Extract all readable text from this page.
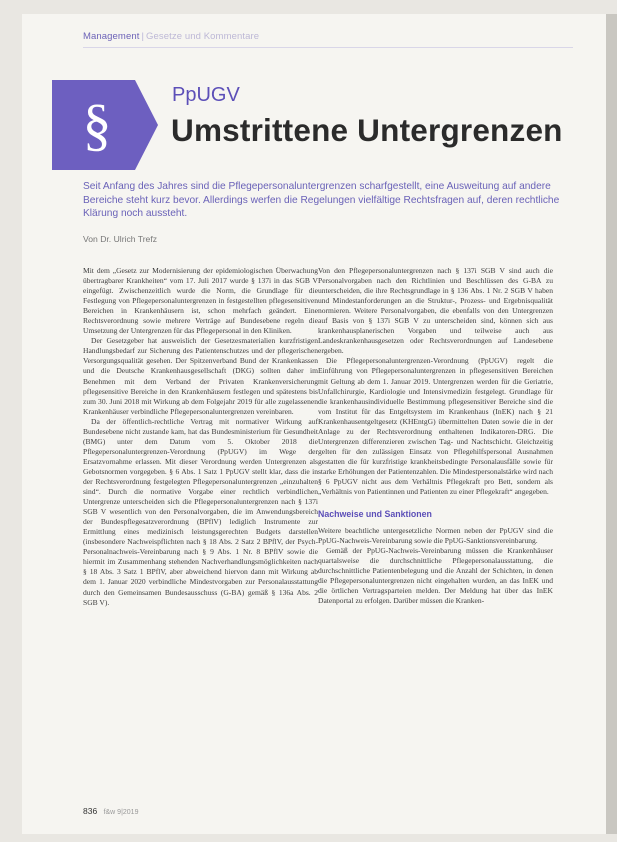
Management | Gesetze und Kommentare
§	PpUGV
Umstrittene Untergrenzen

Seit Anfang des Jahres sind die Pflegepersonaluntergrenzen scharfgestellt, eine Ausweitung auf andere Bereiche steht kurz bevor. Allerdings werfen die Regelungen vielfältige Rechtsfragen auf, deren rechtliche Klärung noch aussteht.

Von Dr. Ulrich Trefz

Mit dem „Gesetz zur Modernisierung der epidemiologischen Überwachung übertragbarer Krankheiten“ vom 17. Juli 2017 wurde § 137i in das SGB V eingefügt. Zwischenzeitlich wurde die Norm, die Grundlage für die Festlegung von Pflegepersonaluntergrenzen in festgestellten pflegesensitiven Bereichen in Krankenhäusern ist, schon mehrfach geändert. Eine Rechtsverordnung sowie mehrere Verträge auf Bundesebene regeln die Umsetzung der Untergrenzen für das Pflegepersonal in den Kliniken.

Der Gesetzgeber hat ausweislich der Gesetzesmaterialien kurzfristigen Handlungsbedarf zur Sicherung des Patientenschutzes und der pflegerischen Versorgungsqualität gesehen. Der Spitzenverband Bund der Krankenkassen und die Deutsche Krankenhausgesellschaft (DKG) sollten daher im Benehmen mit dem Verband der Privaten Krankenversicherung pflegesensitive Bereiche in den Krankenhäusern festlegen und spätestens bis zum 30. Juni 2018 mit Wirkung ab dem Folgejahr 2019 für alle zugelassenen Krankenhäuser verbindliche Pflegepersonaluntergrenzen vereinbaren.

Da der öffentlich-rechtliche Vertrag mit normativer Wirkung auf Bundesebene nicht zustande kam, hat das Bundesministerium für Gesundheit (BMG) unter dem Datum vom 5. Oktober 2018 die Pflegepersonaluntergrenzen-Verordnung (PpUGV) im Wege der Ersatzvornahme erlassen. Mit dieser Verordnung werden Untergrenzen als Gebotsnormen vorgegeben. § 6 Abs. 1 Satz 1 PpUGV stellt klar, dass die in der Rechtsverordnung festgelegten Pflegepersonaluntergrenzen „einzuhalten sind“. Durch die normative Vorgabe einer rechtlich verbindlichen Untergrenze unterscheiden sich die Pflegepersonaluntergrenzen nach § 137i SGB V wesentlich von den Personalvorgaben, die im Anwendungsbereich der Bundespflegesatzverordnung (BPflV) lediglich Instrumente zur Ermittlung eines medizinisch leistungsgerechten Budgets darstellen (insbesondere Nachweispflichten nach § 18 Abs. 2 Satz 2 BPflV, der Psych-Personalnachweis-Vereinbarung nach § 9 Abs. 1 Nr. 8 BPflV sowie die hiermit im Zusammenhang stehenden Nachverhandlungsmöglichkeiten nach § 18 Abs. 3 Satz 1 BPflV, aber abweichend hiervon dann mit Wirkung ab dem 1. Januar 2020 verbindliche Mindestvorgaben zur Personalausstattung durch den Gemeinsamen Bundesausschuss (G-BA) gemäß § 136a Abs. 2 SGB V).

Von den Pflegepersonaluntergrenzen nach § 137i SGB V sind auch die Personalvorgaben nach den Richtlinien und Beschlüssen des G-BA zu unterscheiden, die ihre Rechtsgrundlage in § 136 Abs. 1 Nr. 2 SGB V haben und Mindestanforderungen an die Struktur-, Prozess- und Ergebnisqualität normieren. Weitere Personalvorgaben, die ebenfalls von den Untergrenzen auf Basis von § 137i SGB V zu unterscheiden sind, können sich aus krankenhausplanerischen Vorgaben und teilweise auch aus Landeskrankenhausgesetzen oder Rechtsverordnungen auf Landesebene ergeben.

Die Pflegepersonaluntergrenzen-Verordnung (PpUGV) regelt die Einführung von Pflegepersonaluntergrenzen in pflegesensitiven Bereichen mit Geltung ab dem 1. Januar 2019. Untergrenzen werden für die Geriatrie, Unfallchirurgie, Kardiologie und Intensivmedizin festgelegt. Grundlage für die krankenhausindividuelle Bestimmung pflegesensitiver Bereiche sind die vom Institut für das Entgeltsystem im Krankenhaus (InEK) nach § 21 Krankenhausentgeltgesetz (KHEntgG) übermittelten Daten sowie die in der Anlage zu der Rechtsverordnung enthaltenen Indikatoren-DRG. Die Untergrenzen differenzieren zwischen Tag- und Nachtschicht. Gleichzeitig gelten für den zulässigen Einsatz von Pflegehilfspersonal Ausnahmen gestatten die für kurzfristige krankheitsbedingte Personalausfälle sowie für starke Erhöhungen der Patientenzahlen. Die Mindestpersonalstärke wird nach § 6 PpUGV nicht aus dem Verhältnis Pflegekraft pro Bett, sondern als „Verhältnis von Patientinnen und Patienten zu einer Pflegekraft“ angegeben.

Nachweise und Sanktionen

Weitere beachtliche untergesetzliche Normen neben der PpUGV sind die PpUG-Nachweis-Vereinbarung sowie die PpUG-Sanktionsvereinbarung.

Gemäß der PpUG-Nachweis-Vereinbarung müssen die Krankenhäuser quartalsweise die durchschnittliche Pflegepersonalausstattung, die durchschnittliche Patientenbelegung und die Anzahl der Schichten, in denen die Pflegepersonaluntergrenzen nicht eingehalten wurden, an das InEK und die örtlichen Vertragsparteien melden. Der Meldung hat über das InEK Datenportal zu erfolgen. Darüber müssen die Kranken-

836 f&w 9|2019
